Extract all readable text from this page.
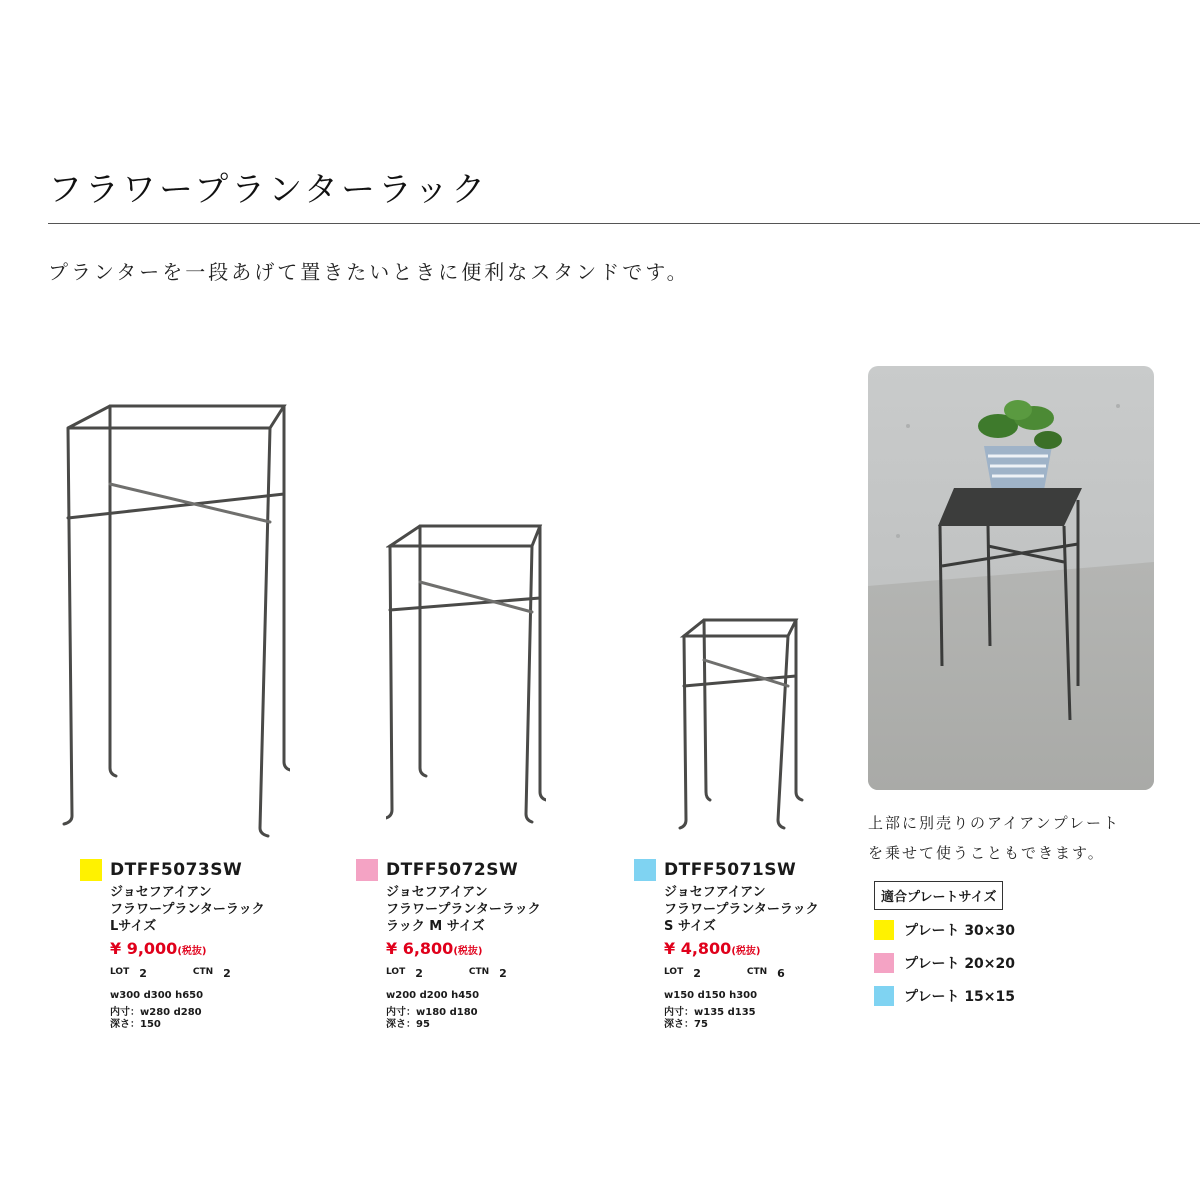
フラワープランターラック
プランターを一段あげて置きたいときに便利なスタンドです。
DTFF5073SW
ジョセフアイアン
フラワープランターラック
Lサイズ
¥ 9,000(税抜)
LOT 2	CTN 2
w300 d300 h650
内寸：w280 d280
深さ：150
DTFF5072SW
ジョセフアイアン
フラワープランターラック
ラック M サイズ
¥ 6,800(税抜)
LOT 2	CTN 2
w200 d200 h450
内寸：w180 d180
深さ：95
DTFF5071SW
ジョセフアイアン
フラワープランターラック
S サイズ
¥ 4,800(税抜)
LOT 2	CTN 6
w150 d150 h300
内寸：w135 d135
深さ：75
上部に別売りのアイアンプレート
を乗せて使うこともできます。
適合プレートサイズ
プレート 30×30
プレート 20×20
プレート 15×15
